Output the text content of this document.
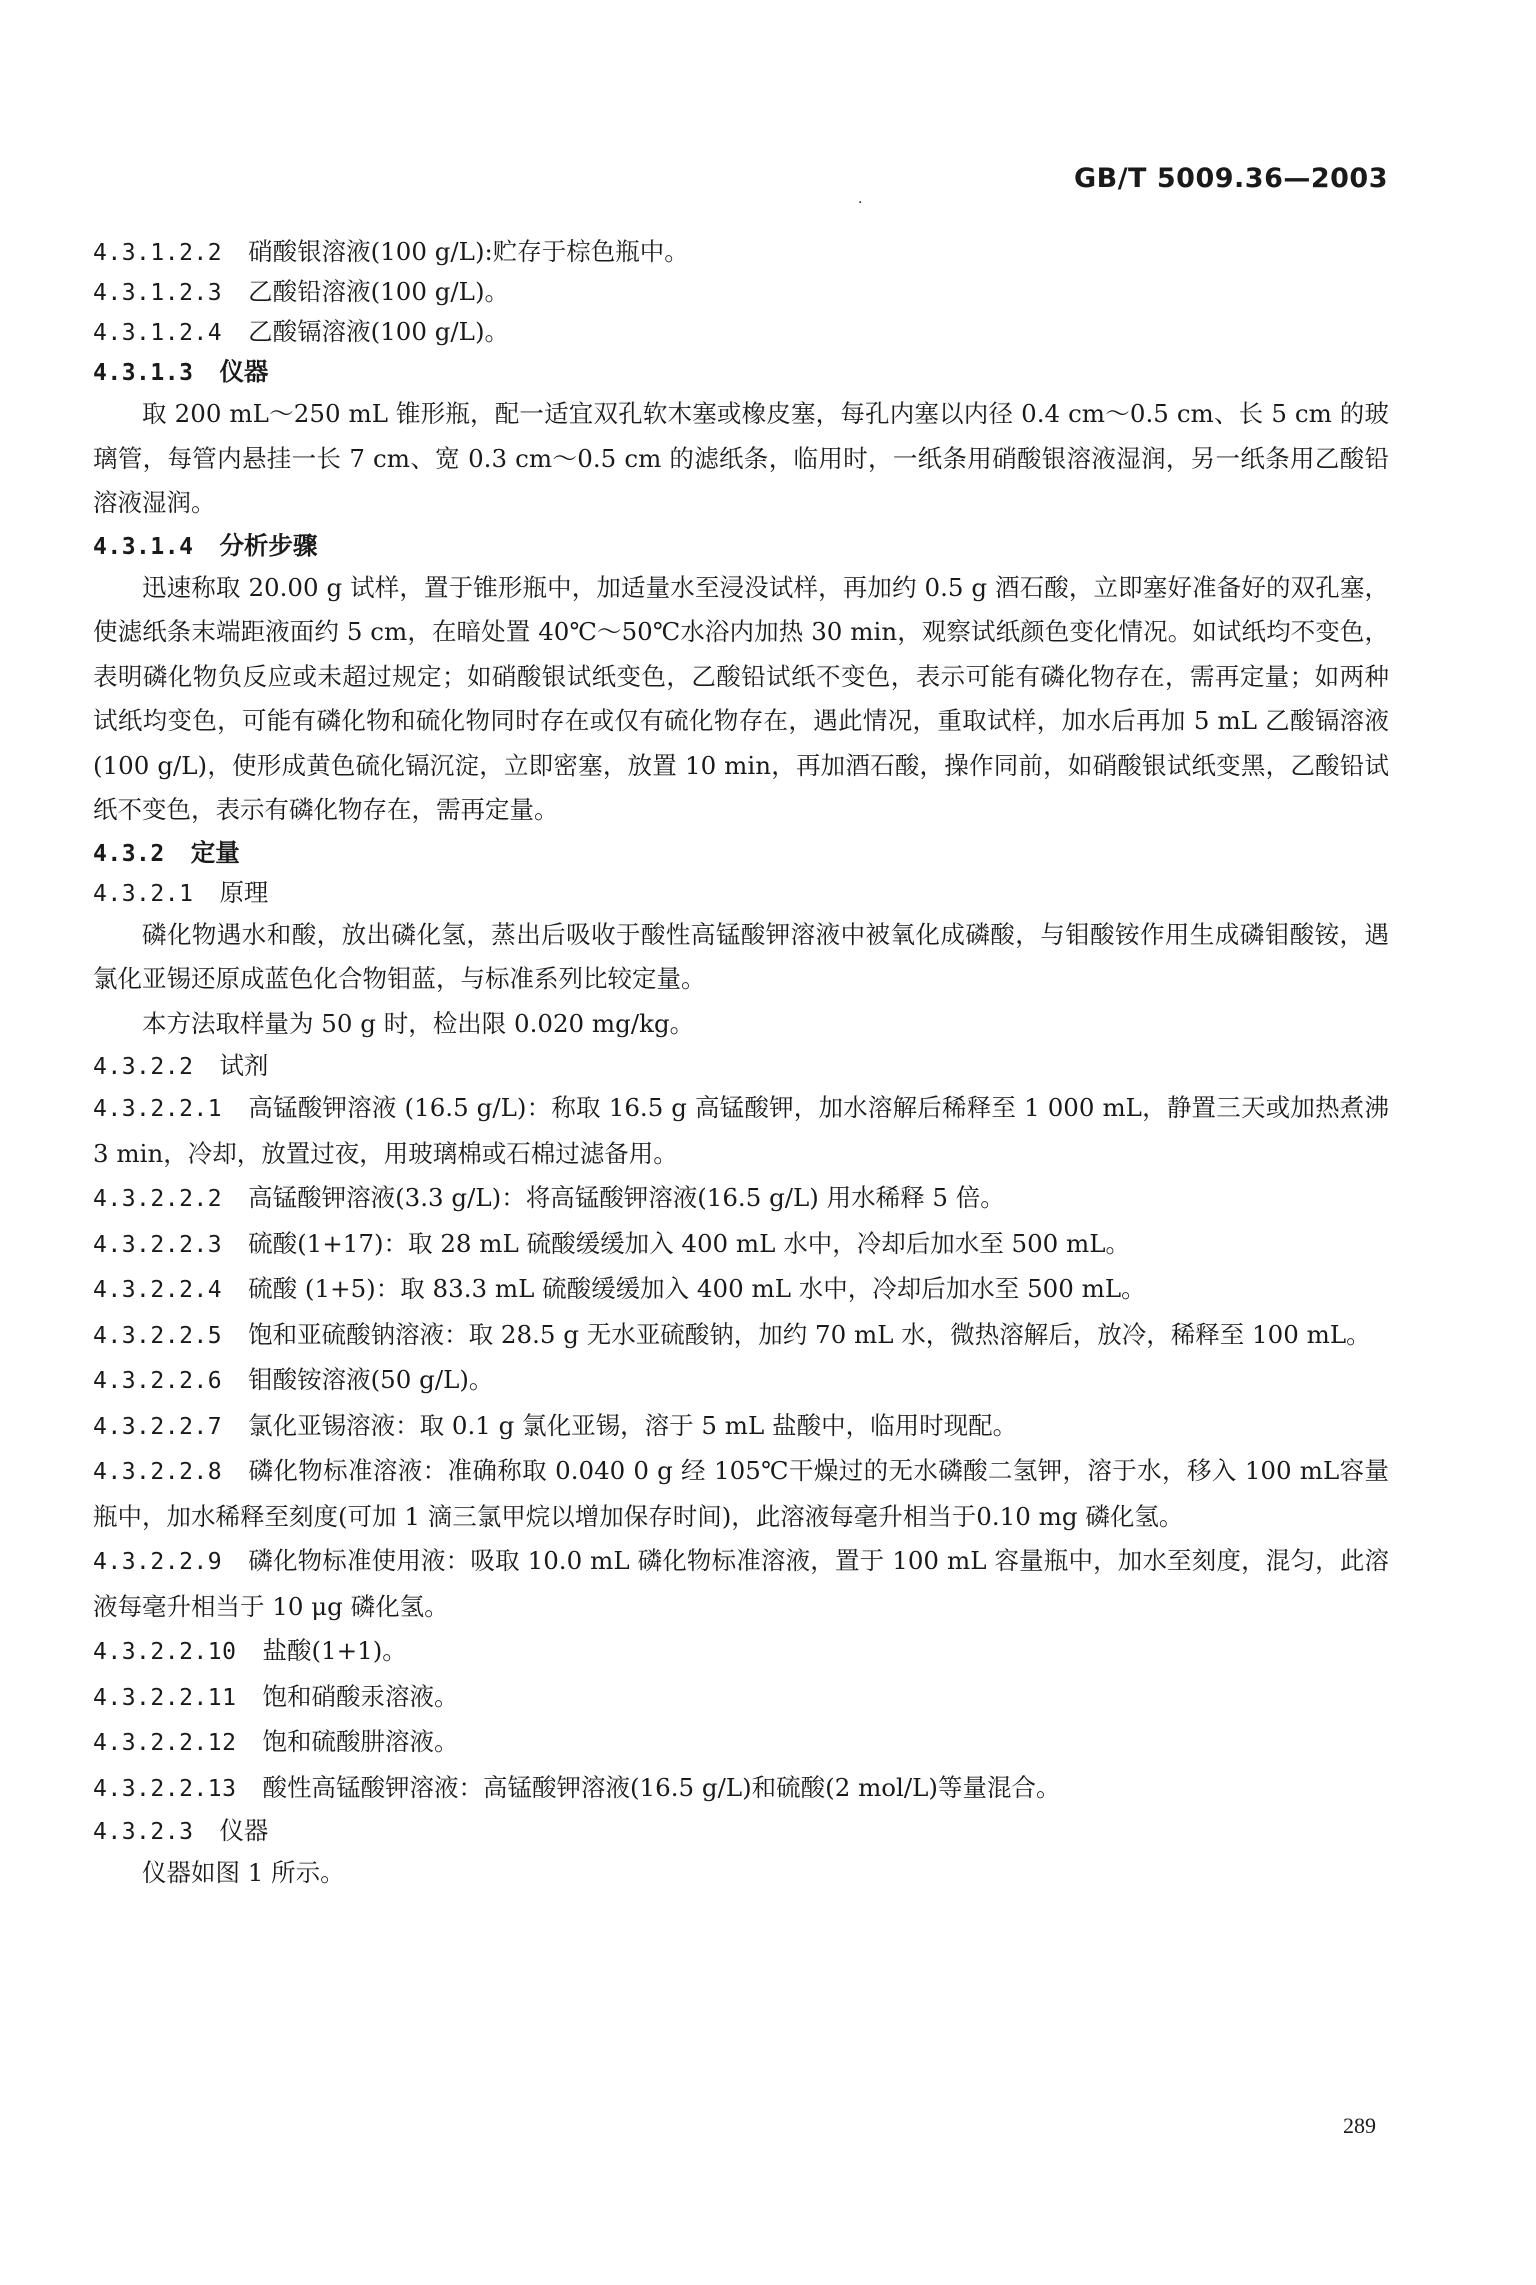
GB/T 5009.36—2003
·
4.3.1.2.2 硝酸银溶液(100 g/L):贮存于棕色瓶中。
4.3.1.2.3 乙酸铅溶液(100 g/L)。
4.3.1.2.4 乙酸镉溶液(100 g/L)。
4.3.1.3 仪器
取 200 mL～250 mL 锥形瓶，配一适宜双孔软木塞或橡皮塞，每孔内塞以内径 0.4 cm～0.5 cm、长 5 cm 的玻璃管，每管内悬挂一长 7 cm、宽 0.3 cm～0.5 cm 的滤纸条，临用时，一纸条用硝酸银溶液湿润，另一纸条用乙酸铅溶液湿润。
4.3.1.4 分析步骤
迅速称取 20.00 g 试样，置于锥形瓶中，加适量水至浸没试样，再加约 0.5 g 酒石酸，立即塞好准备好的双孔塞，使滤纸条末端距液面约 5 cm，在暗处置 40℃～50℃水浴内加热 30 min，观察试纸颜色变化情况。如试纸均不变色，表明磷化物负反应或未超过规定；如硝酸银试纸变色，乙酸铅试纸不变色，表示可能有磷化物存在，需再定量；如两种试纸均变色，可能有磷化物和硫化物同时存在或仅有硫化物存在，遇此情况，重取试样，加水后再加 5 mL 乙酸镉溶液(100 g/L)，使形成黄色硫化镉沉淀，立即密塞，放置 10 min，再加酒石酸，操作同前，如硝酸银试纸变黑，乙酸铅试纸不变色，表示有磷化物存在，需再定量。
4.3.2 定量
4.3.2.1 原理
磷化物遇水和酸，放出磷化氢，蒸出后吸收于酸性高锰酸钾溶液中被氧化成磷酸，与钼酸铵作用生成磷钼酸铵，遇氯化亚锡还原成蓝色化合物钼蓝，与标准系列比较定量。
本方法取样量为 50 g 时，检出限 0.020 mg/kg。
4.3.2.2 试剂
4.3.2.2.1 高锰酸钾溶液 (16.5 g/L)：称取 16.5 g 高锰酸钾，加水溶解后稀释至 1 000 mL，静置三天或加热煮沸 3 min，冷却，放置过夜，用玻璃棉或石棉过滤备用。
4.3.2.2.2 高锰酸钾溶液(3.3 g/L)：将高锰酸钾溶液(16.5 g/L) 用水稀释 5 倍。
4.3.2.2.3 硫酸(1+17)：取 28 mL 硫酸缓缓加入 400 mL 水中，冷却后加水至 500 mL。
4.3.2.2.4 硫酸 (1+5)：取 83.3 mL 硫酸缓缓加入 400 mL 水中，冷却后加水至 500 mL。
4.3.2.2.5 饱和亚硫酸钠溶液：取 28.5 g 无水亚硫酸钠，加约 70 mL 水，微热溶解后，放冷，稀释至 100 mL。
4.3.2.2.6 钼酸铵溶液(50 g/L)。
4.3.2.2.7 氯化亚锡溶液：取 0.1 g 氯化亚锡，溶于 5 mL 盐酸中，临用时现配。
4.3.2.2.8 磷化物标准溶液：准确称取 0.040 0 g 经 105℃干燥过的无水磷酸二氢钾，溶于水，移入 100 mL容量瓶中，加水稀释至刻度(可加 1 滴三氯甲烷以增加保存时间)，此溶液每毫升相当于0.10 mg 磷化氢。
4.3.2.2.9 磷化物标准使用液：吸取 10.0 mL 磷化物标准溶液，置于 100 mL 容量瓶中，加水至刻度，混匀，此溶液每毫升相当于 10 μg 磷化氢。
4.3.2.2.10 盐酸(1+1)。
4.3.2.2.11 饱和硝酸汞溶液。
4.3.2.2.12 饱和硫酸肼溶液。
4.3.2.2.13 酸性高锰酸钾溶液：高锰酸钾溶液(16.5 g/L)和硫酸(2 mol/L)等量混合。
4.3.2.3 仪器
仪器如图 1 所示。
289
